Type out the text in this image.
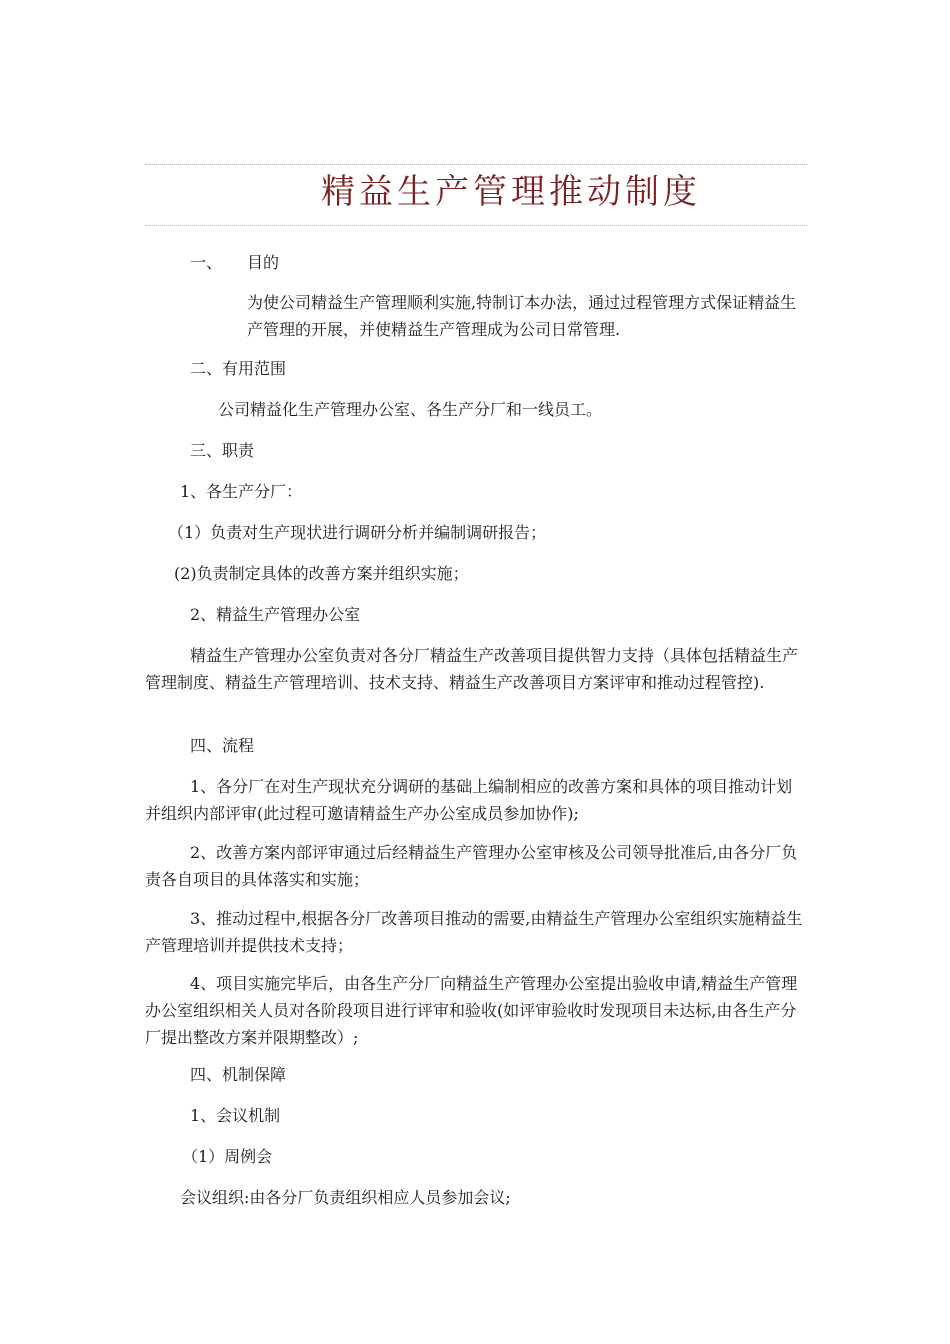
精益生产管理推动制度

一、 目的

为使公司精益生产管理顺利实施,特制订本办法，通过过程管理方式保证精益生产管理的开展，并使精益生产管理成为公司日常管理.

二、有用范围

公司精益化生产管理办公室、各生产分厂和一线员工。

三、职责

1、各生产分厂：

（1）负责对生产现状进行调研分析并编制调研报告；

(2)负责制定具体的改善方案并组织实施；

2、精益生产管理办公室

精益生产管理办公室负责对各分厂精益生产改善项目提供智力支持（具体包括精益生产管理制度、精益生产管理培训、技术支持、精益生产改善项目方案评审和推动过程管控).

四、流程

1、各分厂在对生产现状充分调研的基础上编制相应的改善方案和具体的项目推动计划并组织内部评审(此过程可邀请精益生产办公室成员参加协作);

2、改善方案内部评审通过后经精益生产管理办公室审核及公司领导批准后,由各分厂负责各自项目的具体落实和实施；

3、推动过程中,根据各分厂改善项目推动的需要,由精益生产管理办公室组织实施精益生产管理培训并提供技术支持；

4、项目实施完毕后，由各生产分厂向精益生产管理办公室提出验收申请,精益生产管理办公室组织相关人员对各阶段项目进行评审和验收(如评审验收时发现项目未达标,由各生产分厂提出整改方案并限期整改）;

四、机制保障

1、会议机制

（1）周例会

会议组织:由各分厂负责组织相应人员参加会议;
